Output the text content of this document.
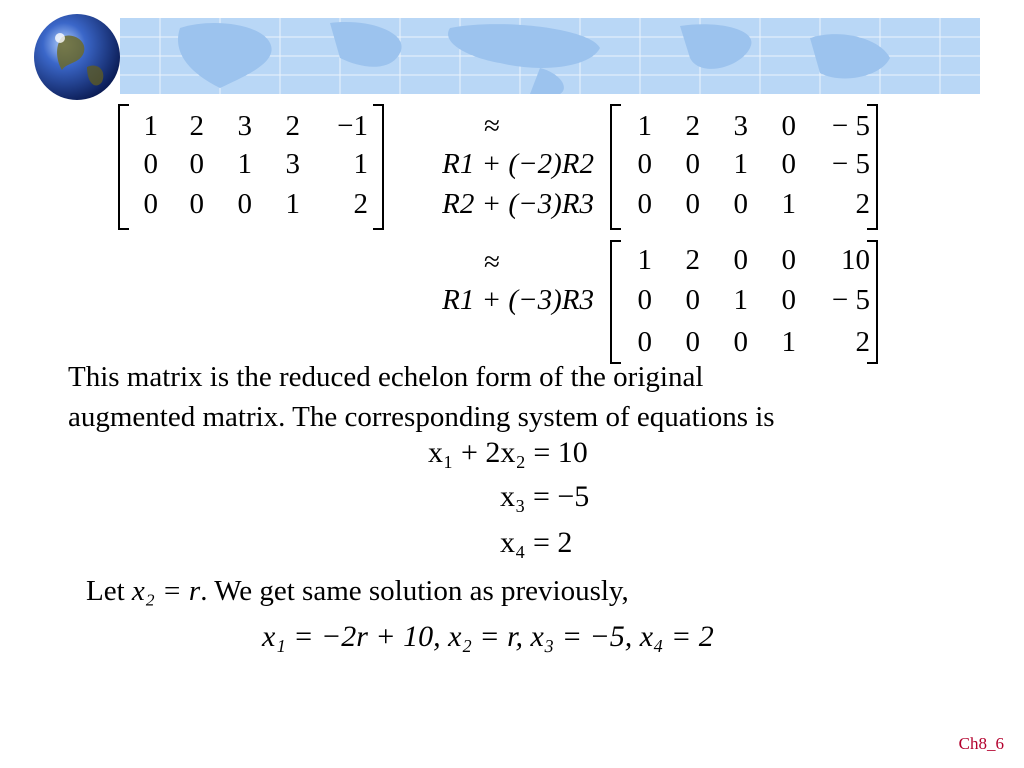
1	2	3	2	−1
0	0	1	3	1
0	0	0	1	2
≈
R1 + (−2)R2
R2 + (−3)R3
1	2	3	0	− 5
0	0	1	0	− 5
0	0	0	1	2
≈
R1 + (−3)R3
1	2	0	0	10
0	0	1	0	− 5
0	0	0	1	2
This matrix is the reduced echelon form of the original
augmented matrix. The corresponding system of equations is
x₁ + 2x₂ = 10
x₃ = −5
x₄ = 2
Let x₂ = r. We get same solution as previously,
x₁ = −2r + 10, x₂ = r, x₃ = −5, x₄ = 2
Ch8_6
